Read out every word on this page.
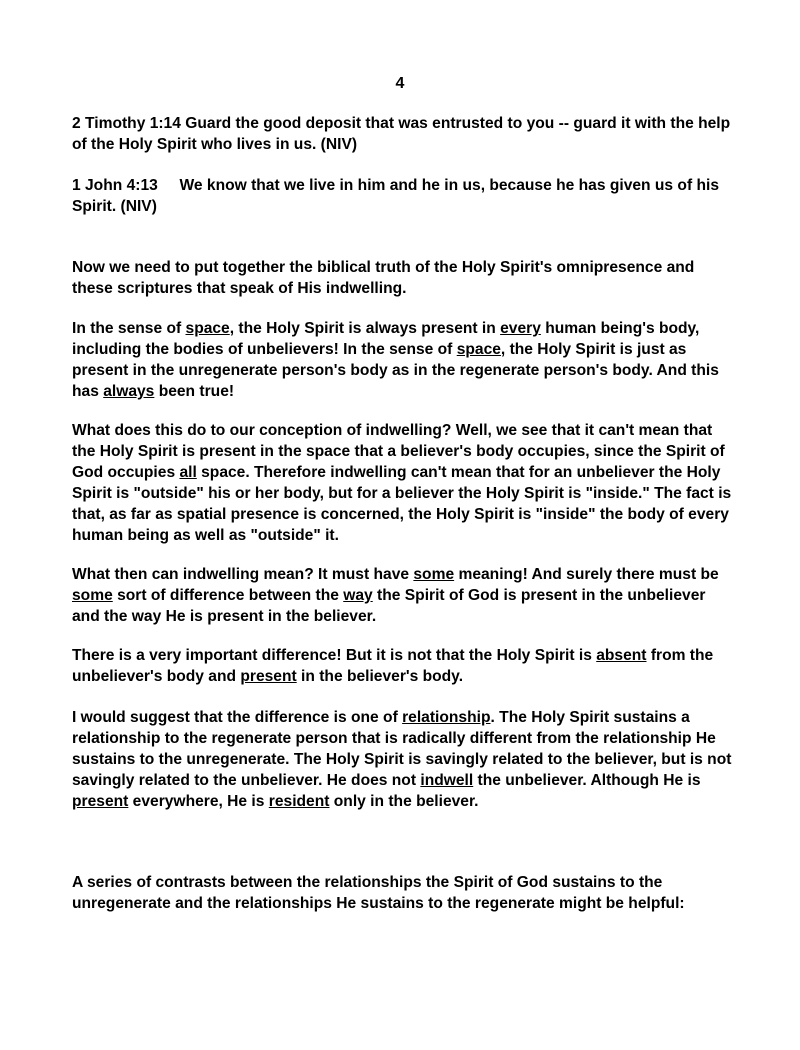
4

2 Timothy 1:14 Guard the good deposit that was entrusted to you -- guard it with the help of the Holy Spirit who lives in us. (NIV)

1 John 4:13     We know that we live in him and he in us, because he has given us of his Spirit. (NIV)

Now we need to put together the biblical truth of the Holy Spirit's omnipresence and these scriptures that speak of His indwelling.

In the sense of space, the Holy Spirit is always present in every human being's body, including the bodies of unbelievers! In the sense of space, the Holy Spirit is just as present in the unregenerate person's body as in the regenerate person's body. And this has always been true!

What does this do to our conception of indwelling? Well, we see that it can't mean that the Holy Spirit is present in the space that a believer's body occupies, since the Spirit of God occupies all space. Therefore indwelling can't mean that for an unbeliever the Holy Spirit is "outside" his or her body, but for a believer the Holy Spirit is "inside." The fact is that, as far as spatial presence is concerned, the Holy Spirit is "inside" the body of every human being as well as "outside" it.

What then can indwelling mean? It must have some meaning! And surely there must be some sort of difference between the way the Spirit of God is present in the unbeliever and the way He is present in the believer.

There is a very important difference! But it is not that the Holy Spirit is absent from the unbeliever's body and present in the believer's body.

I would suggest that the difference is one of relationship. The Holy Spirit sustains a relationship to the regenerate person that is radically different from the relationship He sustains to the unregenerate. The Holy Spirit is savingly related to the believer, but is not savingly related to the unbeliever. He does not indwell the unbeliever. Although He is present everywhere, He is resident only in the believer.

A series of contrasts between the relationships the Spirit of God sustains to the unregenerate and the relationships He sustains to the regenerate might be helpful:
